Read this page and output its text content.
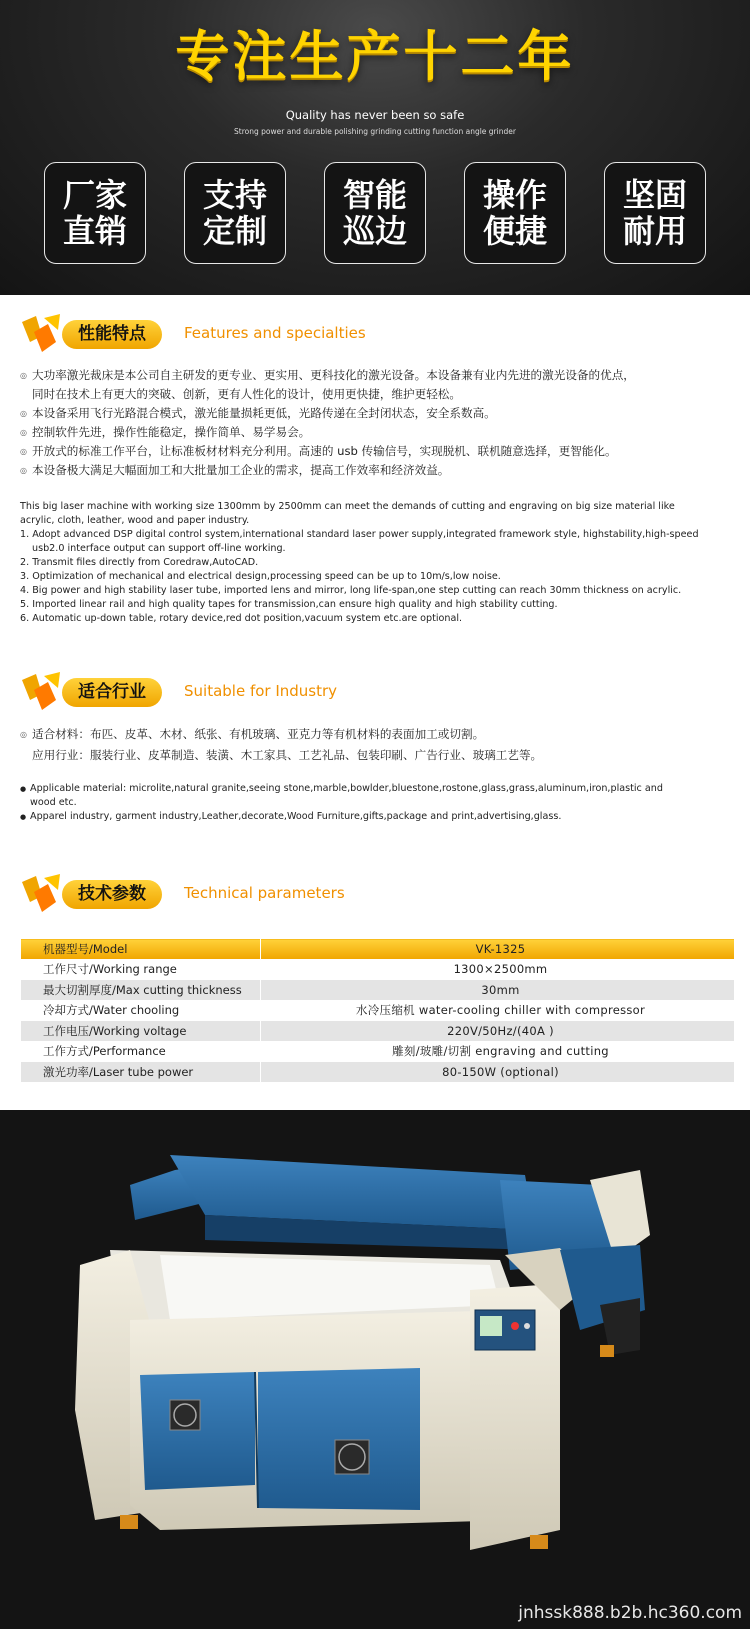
专注生产十二年
Quality has never been so safe
Strong power and durable polishing grinding cutting function angle grinder
厂家
直销
支持
定制
智能
巡边
操作
便捷
坚固
耐用
性能特点	Features and specialties
◎ 大功率激光裁床是本公司自主研发的更专业、更实用、更科技化的激光设备。本设备兼有业内先进的激光设备的优点，
同时在技术上有更大的突破、创新，更有人性化的设计，使用更快捷，维护更轻松。
◎ 本设备采用飞行光路混合模式，激光能量损耗更低，光路传递在全封闭状态，安全系数高。
◎ 控制软件先进，操作性能稳定，操作简单、易学易会。
◎ 开放式的标准工作平台，让标准板材材料充分利用。高速的 usb 传输信号，实现脱机、联机随意选择，更智能化。
◎ 本设备极大满足大幅面加工和大批量加工企业的需求，提高工作效率和经济效益。

This big laser machine with working size 1300mm by 2500mm can meet the demands of cutting and engraving on big size material like

acrylic, cloth, leather, wood and paper industry.

1. Adopt advanced DSP digital control system,international standard laser power supply,integrated framework style, highstability,high-speed

usb2.0 interface output can support off-line working.

2. Transmit files directly from Coredraw,AutoCAD.

3. Optimization of mechanical and electrical design,processing speed can be up to 10m/s,low noise.

4. Big power and high stability laser tube, imported lens and mirror, long life-span,one step cutting can reach 30mm thickness on acrylic.

5. Imported linear rail and high quality tapes for transmission,can ensure high quality and high stability cutting.

6. Automatic up-down table, rotary device,red dot position,vacuum system etc.are optional.

适合行业	Suitable for Industry
◎ 适合材料：布匹、皮革、木材、纸张、有机玻璃、亚克力等有机材料的表面加工或切割。
应用行业：服装行业、皮革制造、装潢、木工家具、工艺礼品、包装印刷、广告行业、玻璃工艺等。

● Applicable material: microlite,natural granite,seeing stone,marble,bowlder,bluestone,rostone,glass,grass,aluminum,iron,plastic and

wood etc.

● Apparel industry, garment industry,Leather,decorate,Wood Furniture,gifts,package and print,advertising,glass.

技术参数	Technical parameters
机器型号/Model	VK-1325
工作尺寸/Working range	1300×2500mm
最大切割厚度/Max cutting thickness	30mm
冷却方式/Water chooling	水冷压缩机 water-cooling chiller with compressor
工作电压/Working voltage	220V/50Hz/(40A )
工作方式/Performance	雕刻/玻雕/切割 engraving and cutting
激光功率/Laser tube power	80-150W (optional)
jnhssk888.b2b.hc360.com
